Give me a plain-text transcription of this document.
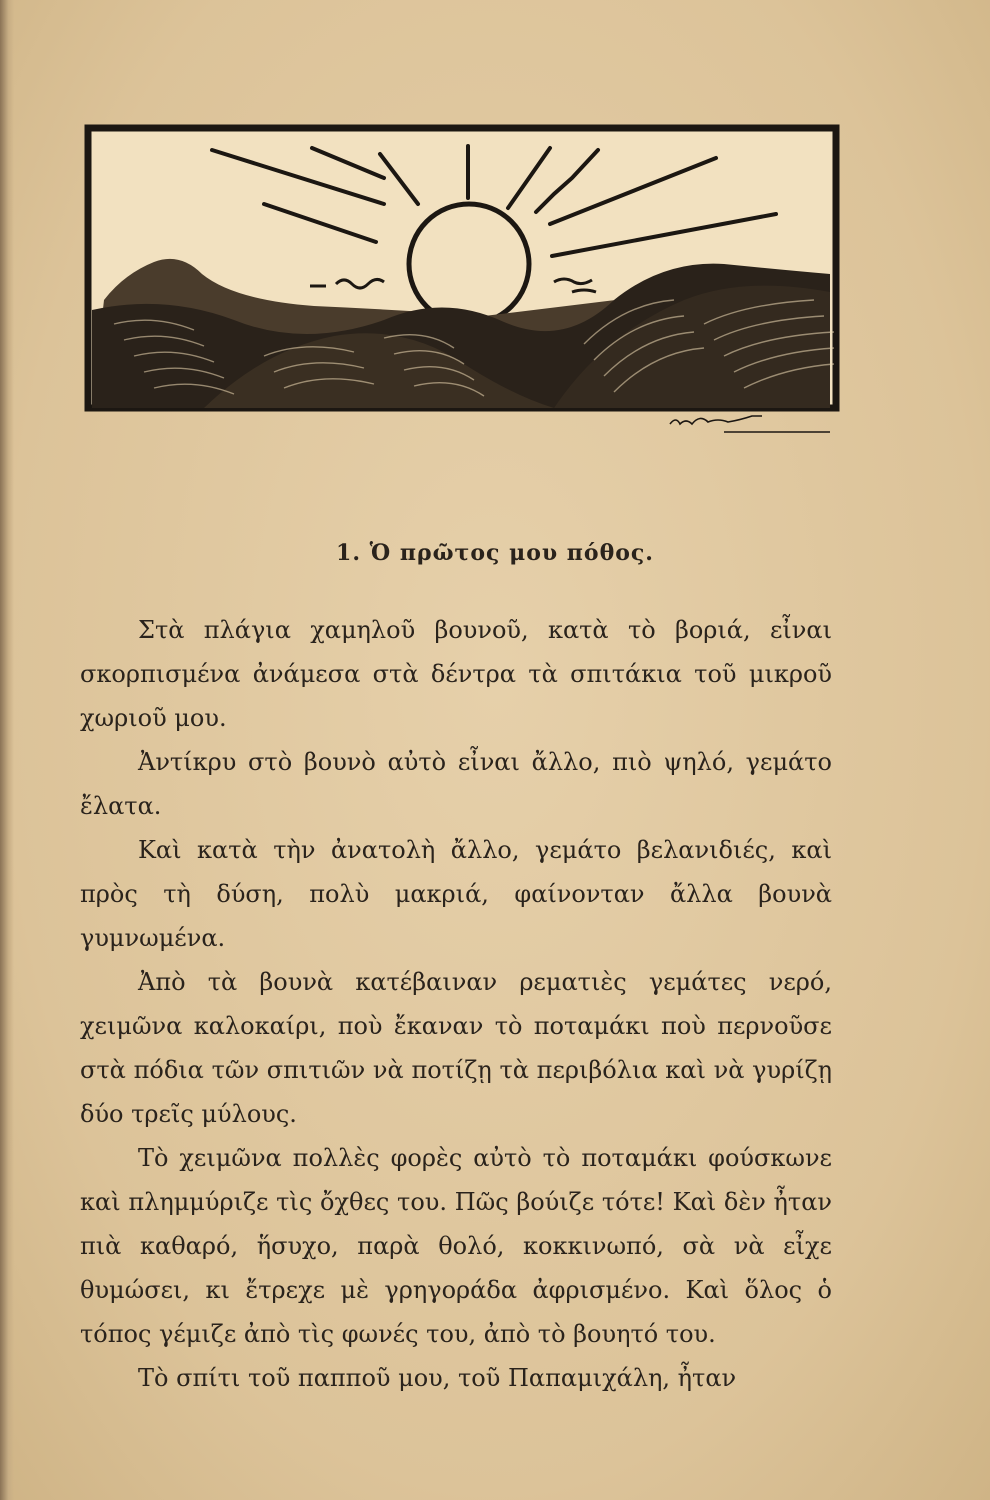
1. Ὁ πρῶτος μου πόθος.

Στὰ πλάγια χαμηλοῦ βουνοῦ, κατὰ τὸ βοριά, εἶναι σκορπισμένα ἀνάμεσα στὰ δέντρα τὰ σπιτάκια τοῦ μικροῦ χωριοῦ μου.

Ἀντίκρυ στὸ βουνὸ αὐτὸ εἶναι ἄλλο, πιὸ ψηλό, γεμάτο ἔλατα.

Καὶ κατὰ τὴν ἀνατολὴ ἄλλο, γεμάτο βελανιδιές, καὶ πρὸς τὴ δύση, πολὺ μακριά, φαίνονταν ἄλλα βουνὰ γυμνωμένα.

Ἀπὸ τὰ βουνὰ κατέβαιναν ρεματιὲς γεμάτες νερό, χειμῶνα καλοκαίρι, ποὺ ἔκαναν τὸ ποταμάκι ποὺ περνοῦσε στὰ πόδια τῶν σπιτιῶν νὰ ποτίζῃ τὰ περιβόλια καὶ νὰ γυρίζῃ δύο τρεῖς μύλους.

Τὸ χειμῶνα πολλὲς φορὲς αὐτὸ τὸ ποταμάκι φούσκωνε καὶ πλημμύριζε τὶς ὄχθες του. Πῶς βούιζε τότε! Καὶ δὲν ἦταν πιὰ καθαρό, ἥσυχο, παρὰ θολό, κοκκινωπό, σὰ νὰ εἶχε θυμώσει, κι ἔτρεχε μὲ γρηγοράδα ἀφρισμένο. Καὶ ὅλος ὁ τόπος γέμιζε ἀπὸ τὶς φωνές του, ἀπὸ τὸ βουητό του.

Τὸ σπίτι τοῦ παπποῦ μου, τοῦ Παπαμιχάλη, ἦταν
